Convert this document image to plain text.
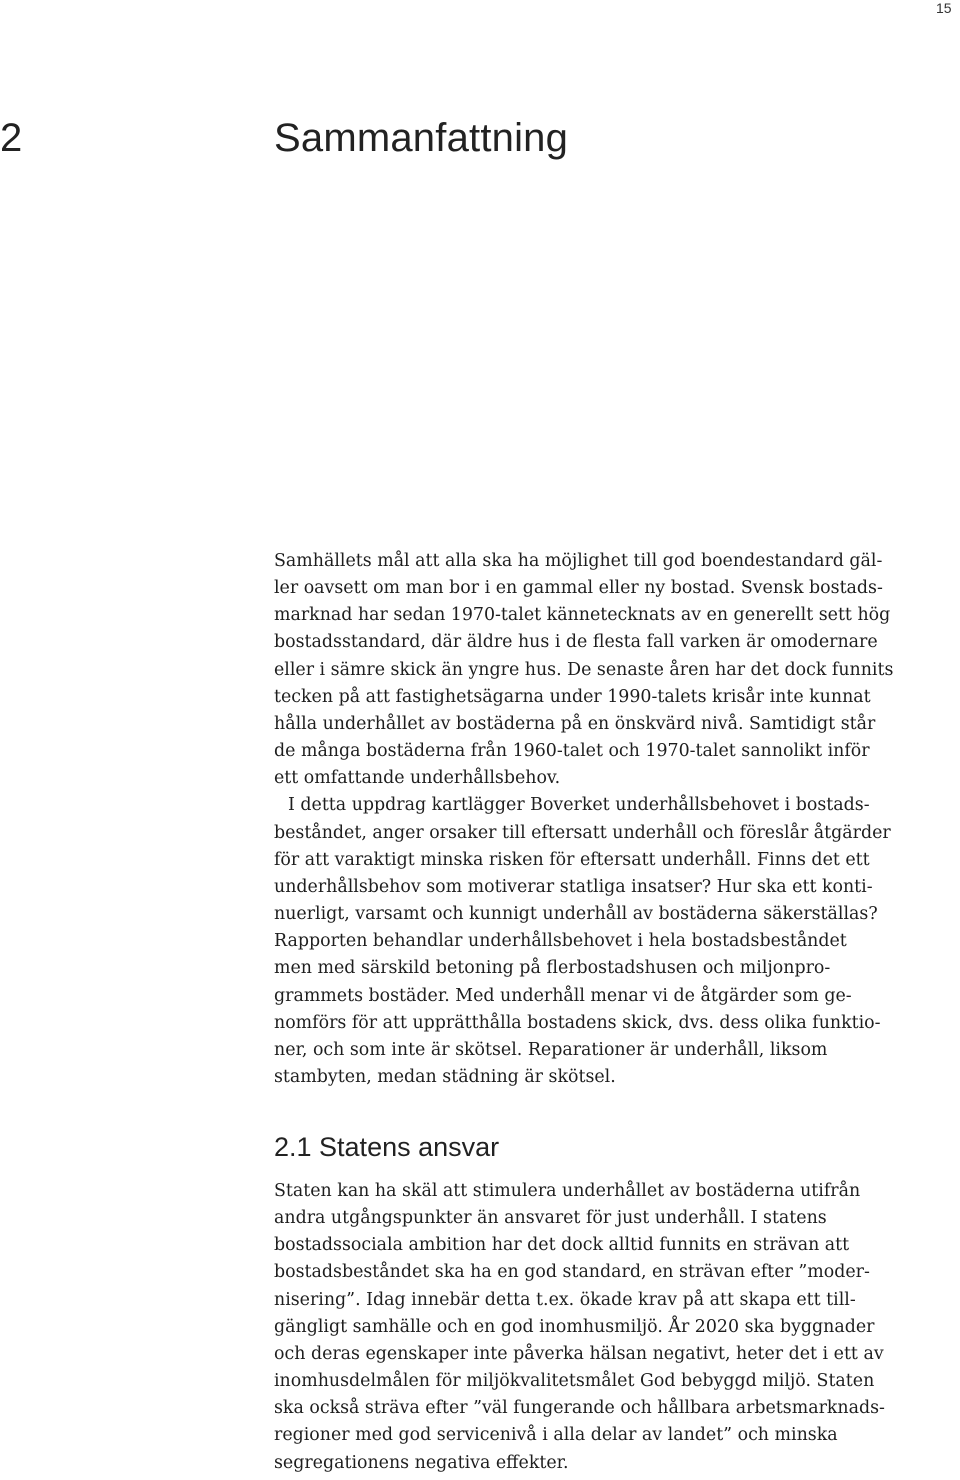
15
2	Sammanfattning

Samhällets mål att alla ska ha möjlighet till god boendestandard gäl-
ler oavsett om man bor i en gammal eller ny bostad. Svensk bostads-
marknad har sedan 1970-talet kännetecknats av en generellt sett hög
bostadsstandard, där äldre hus i de flesta fall varken är omodernare
eller i sämre skick än yngre hus. De senaste åren har det dock funnits
tecken på att fastighetsägarna under 1990-talets krisår inte kunnat
hålla underhållet av bostäderna på en önskvärd nivå. Samtidigt står
de många bostäderna från 1960-talet och 1970-talet sannolikt inför
ett omfattande underhållsbehov.

I detta uppdrag kartlägger Boverket underhållsbehovet i bostads-
beståndet, anger orsaker till eftersatt underhåll och föreslår åtgärder
för att varaktigt minska risken för eftersatt underhåll. Finns det ett
underhållsbehov som motiverar statliga insatser? Hur ska ett konti-
nuerligt, varsamt och kunnigt underhåll av bostäderna säkerställas?
Rapporten behandlar underhållsbehovet i hela bostadsbeståndet
men med särskild betoning på flerbostadshusen och miljonpro-
grammets bostäder. Med underhåll menar vi de åtgärder som ge-
nomförs för att upprätthålla bostadens skick, dvs. dess olika funktio-
ner, och som inte är skötsel. Reparationer är underhåll, liksom
stambyten, medan städning är skötsel.

2.1 Statens ansvar

Staten kan ha skäl att stimulera underhållet av bostäderna utifrån
andra utgångspunkter än ansvaret för just underhåll. I statens
bostadssociala ambition har det dock alltid funnits en strävan att
bostadsbeståndet ska ha en god standard, en strävan efter ”moder-
nisering”. Idag innebär detta t.ex. ökade krav på att skapa ett till-
gängligt samhälle och en god inomhusmiljö. År 2020 ska byggnader
och deras egenskaper inte påverka hälsan negativt, heter det i ett av
inomhusdelmålen för miljökvalitetsmålet God bebyggd miljö. Staten
ska också sträva efter ”väl fungerande och hållbara arbetsmarknads-
regioner med god servicenivå i alla delar av landet” och minska
segregationens negativa effekter.
